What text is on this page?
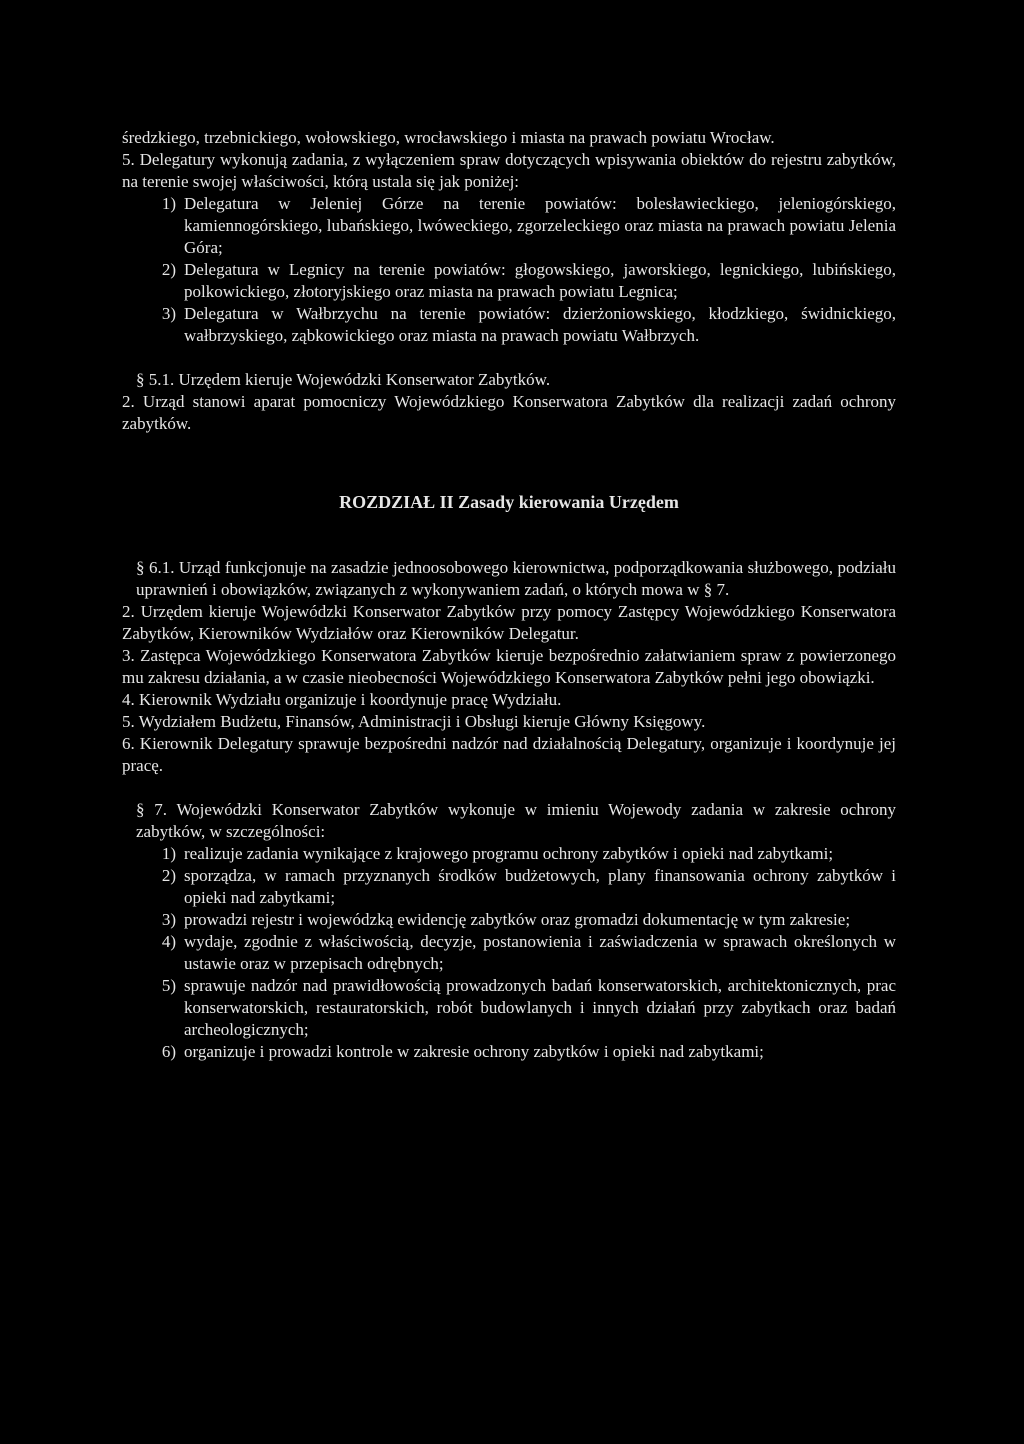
średzkiego, trzebnickiego, wołowskiego, wrocławskiego i miasta na prawach powiatu Wrocław.

5. Delegatury wykonują zadania, z wyłączeniem spraw dotyczących wpisywania obiektów do rejestru zabytków, na terenie swojej właściwości, którą ustala się jak poniżej:

1) Delegatura w Jeleniej Górze na terenie powiatów: bolesławieckiego, jeleniogórskiego, kamiennogórskiego, lubańskiego, lwóweckiego, zgorzeleckiego oraz miasta na prawach powiatu Jelenia Góra;
2) Delegatura w Legnicy na terenie powiatów: głogowskiego, jaworskiego, legnickiego, lubińskiego, polkowickiego, złotoryjskiego oraz miasta na prawach powiatu Legnica;
3) Delegatura w Wałbrzychu na terenie powiatów: dzierżoniowskiego, kłodzkiego, świdnickiego, wałbrzyskiego, ząbkowickiego oraz miasta na prawach powiatu Wałbrzych.

§ 5.1. Urzędem kieruje Wojewódzki Konserwator Zabytków.

2. Urząd stanowi aparat pomocniczy Wojewódzkiego Konserwatora Zabytków dla realizacji zadań ochrony zabytków.

ROZDZIAŁ II Zasady kierowania Urzędem

§ 6.1. Urząd funkcjonuje na zasadzie jednoosobowego kierownictwa, podporządkowania służbowego, podziału uprawnień i obowiązków, związanych z wykonywaniem zadań, o których mowa w § 7.

2. Urzędem kieruje Wojewódzki Konserwator Zabytków przy pomocy Zastępcy Wojewódzkiego Konserwatora Zabytków, Kierowników Wydziałów oraz Kierowników Delegatur.

3. Zastępca Wojewódzkiego Konserwatora Zabytków kieruje bezpośrednio załatwianiem spraw z powierzonego mu zakresu działania, a w czasie nieobecności Wojewódzkiego Konserwatora Zabytków pełni jego obowiązki.

4. Kierownik Wydziału organizuje i koordynuje pracę Wydziału.

5. Wydziałem Budżetu, Finansów, Administracji i Obsługi kieruje Główny Księgowy.

6. Kierownik Delegatury sprawuje bezpośredni nadzór nad działalnością Delegatury, organizuje i koordynuje jej pracę.

§ 7. Wojewódzki Konserwator Zabytków wykonuje w imieniu Wojewody zadania w zakresie ochrony zabytków, w szczególności:

1) realizuje zadania wynikające z krajowego programu ochrony zabytków i opieki nad zabytkami;
2) sporządza, w ramach przyznanych środków budżetowych, plany finansowania ochrony zabytków i opieki nad zabytkami;
3) prowadzi rejestr i wojewódzką ewidencję zabytków oraz gromadzi dokumentację w tym zakresie;
4) wydaje, zgodnie z właściwością, decyzje, postanowienia i zaświadczenia w sprawach określonych w ustawie oraz w przepisach odrębnych;
5) sprawuje nadzór nad prawidłowością prowadzonych badań konserwatorskich, architektonicznych, prac konserwatorskich, restauratorskich, robót budowlanych i innych działań przy zabytkach oraz badań archeologicznych;
6) organizuje i prowadzi kontrole w zakresie ochrony zabytków i opieki nad zabytkami;
